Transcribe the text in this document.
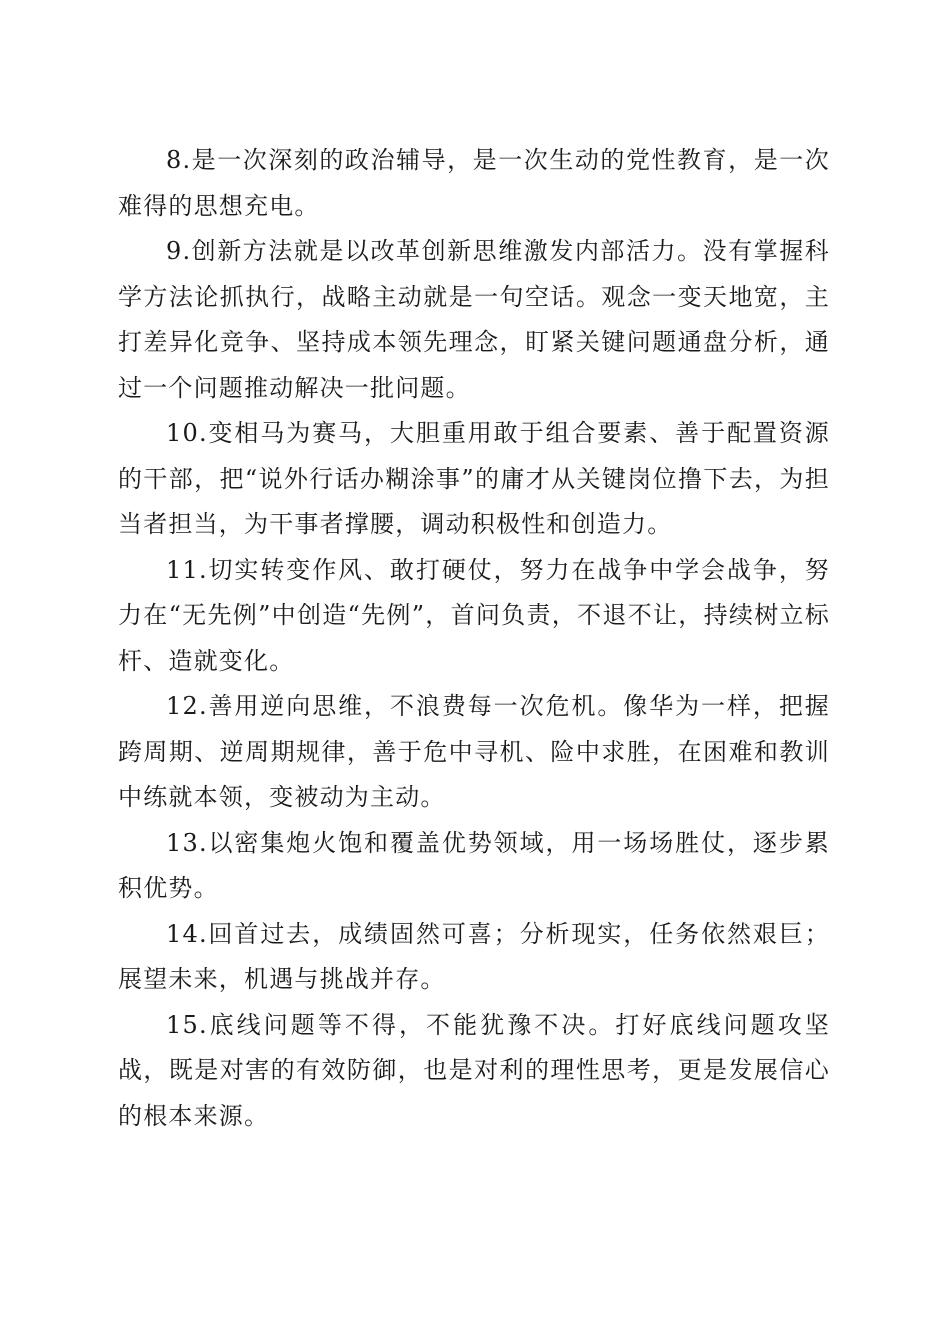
8.是一次深刻的政治辅导，是一次生动的党性教育，是一次难得的思想充电。

9.创新方法就是以改革创新思维激发内部活力。没有掌握科学方法论抓执行，战略主动就是一句空话。观念一变天地宽，主打差异化竞争、坚持成本领先理念，盯紧关键问题通盘分析，通过一个问题推动解决一批问题。

10.变相马为赛马，大胆重用敢于组合要素、善于配置资源的干部，把“说外行话办糊涂事”的庸才从关键岗位撸下去，为担当者担当，为干事者撑腰，调动积极性和创造力。

11.切实转变作风、敢打硬仗，努力在战争中学会战争，努力在“无先例”中创造“先例”，首问负责，不退不让，持续树立标杆、造就变化。

12.善用逆向思维，不浪费每一次危机。像华为一样，把握跨周期、逆周期规律，善于危中寻机、险中求胜，在困难和教训中练就本领，变被动为主动。

13.以密集炮火饱和覆盖优势领域，用一场场胜仗，逐步累积优势。

14.回首过去，成绩固然可喜；分析现实，任务依然艰巨；展望未来，机遇与挑战并存。

15.底线问题等不得，不能犹豫不决。打好底线问题攻坚战，既是对害的有效防御，也是对利的理性思考，更是发展信心的根本来源。
